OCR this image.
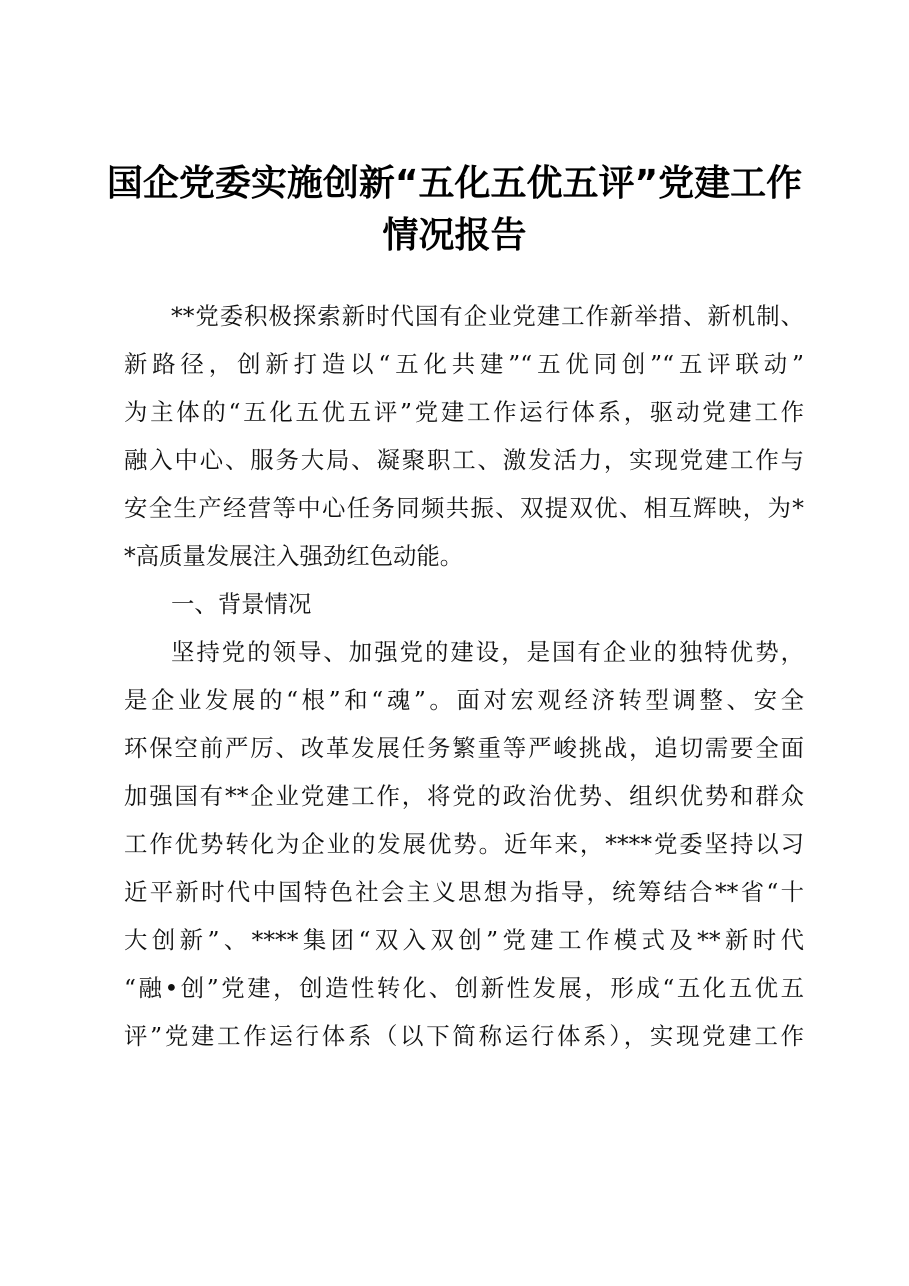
国企党委实施创新“五化五优五评”党建工作
情况报告
**党委积极探索新时代国有企业党建工作新举措、新机制、
新路径，创新打造以“五化共建”“五优同创”“五评联动”
为主体的“五化五优五评”党建工作运行体系，驱动党建工作
融入中心、服务大局、凝聚职工、激发活力，实现党建工作与
安全生产经营等中心任务同频共振、双提双优、相互辉映，为*
*高质量发展注入强劲红色动能。
一、背景情况
坚持党的领导、加强党的建设，是国有企业的独特优势，
是企业发展的“根”和“魂”。面对宏观经济转型调整、安全
环保空前严厉、改革发展任务繁重等严峻挑战，追切需要全面
加强国有**企业党建工作，将党的政治优势、组织优势和群众
工作优势转化为企业的发展优势。近年来，****党委坚持以习
近平新时代中国特色社会主义思想为指导，统筹结合**省“十
大创新”、****集团“双入双创”党建工作模式及**新时代
“融•创”党建，创造性转化、创新性发展，形成“五化五优五
评”党建工作运行体系（以下简称运行体系），实现党建工作
